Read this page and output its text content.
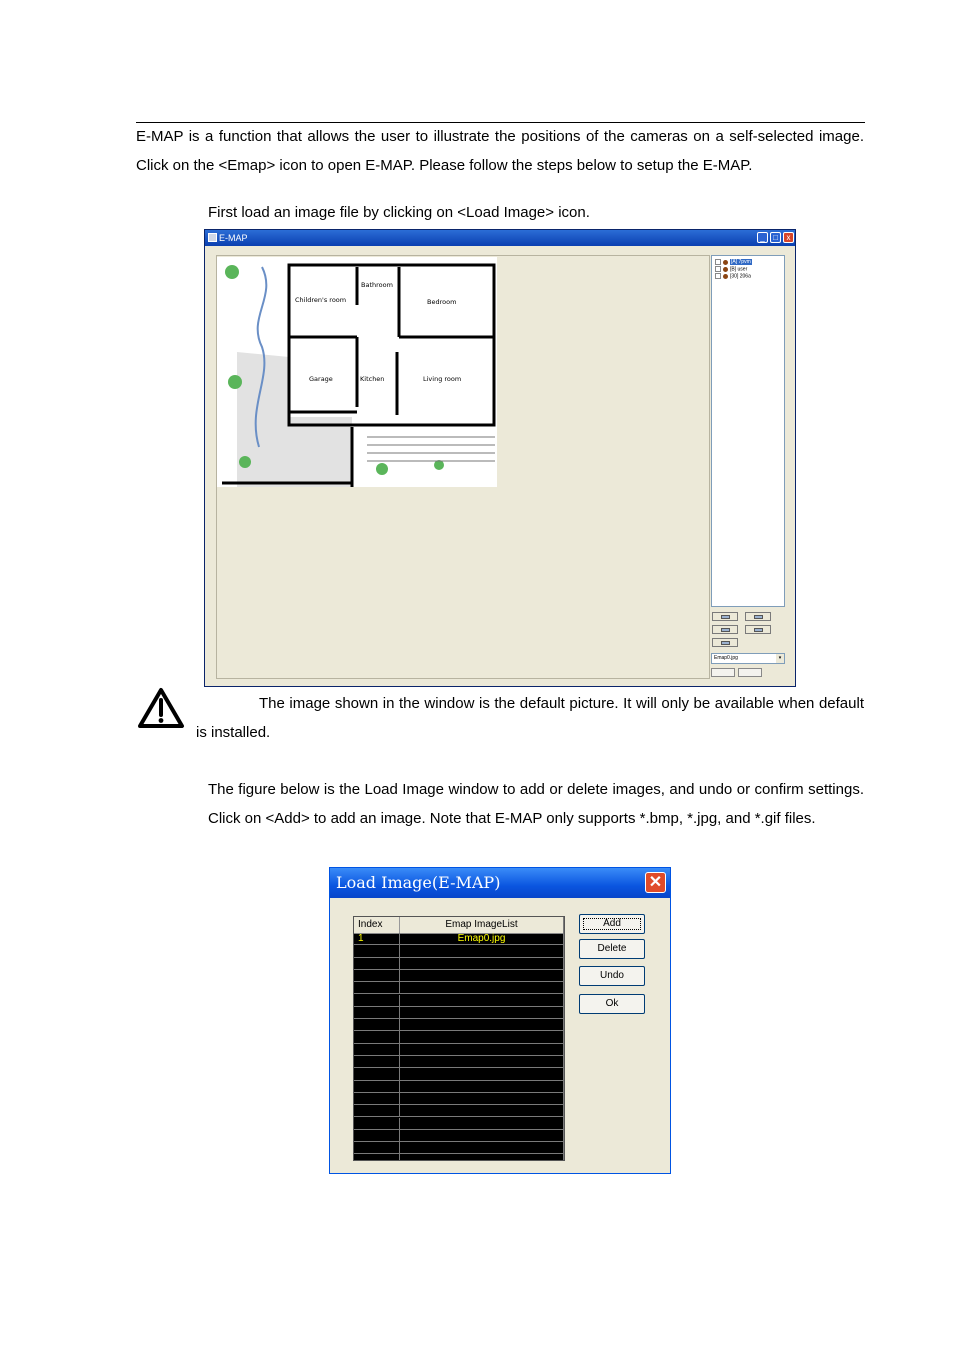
E-MAP is a function that allows the user to illustrate the positions of the cameras on a self-selected image. Click on the <Emap> icon to open E-MAP. Please follow the steps below to setup the E-MAP.
First load an image file by clicking on <Load Image> icon.
E-MAP	_	□	x
Children's room
Bathroom
Bedroom
Garage	Kitchen	Living room
[A] 7pvm
[B] user
[30] 206a
Emap0.jpg	▾
The image shown in the window is the default picture. It will only be available when default is installed.
The figure below is the Load Image window to add or delete images, and undo or confirm settings. Click on <Add> to add an image. Note that E-MAP only supports *.bmp, *.jpg, and *.gif files.
Load Image(E-MAP)	✕
Index	Emap ImageList
1	Emap0.jpg
Add
Delete
Undo
Ok
